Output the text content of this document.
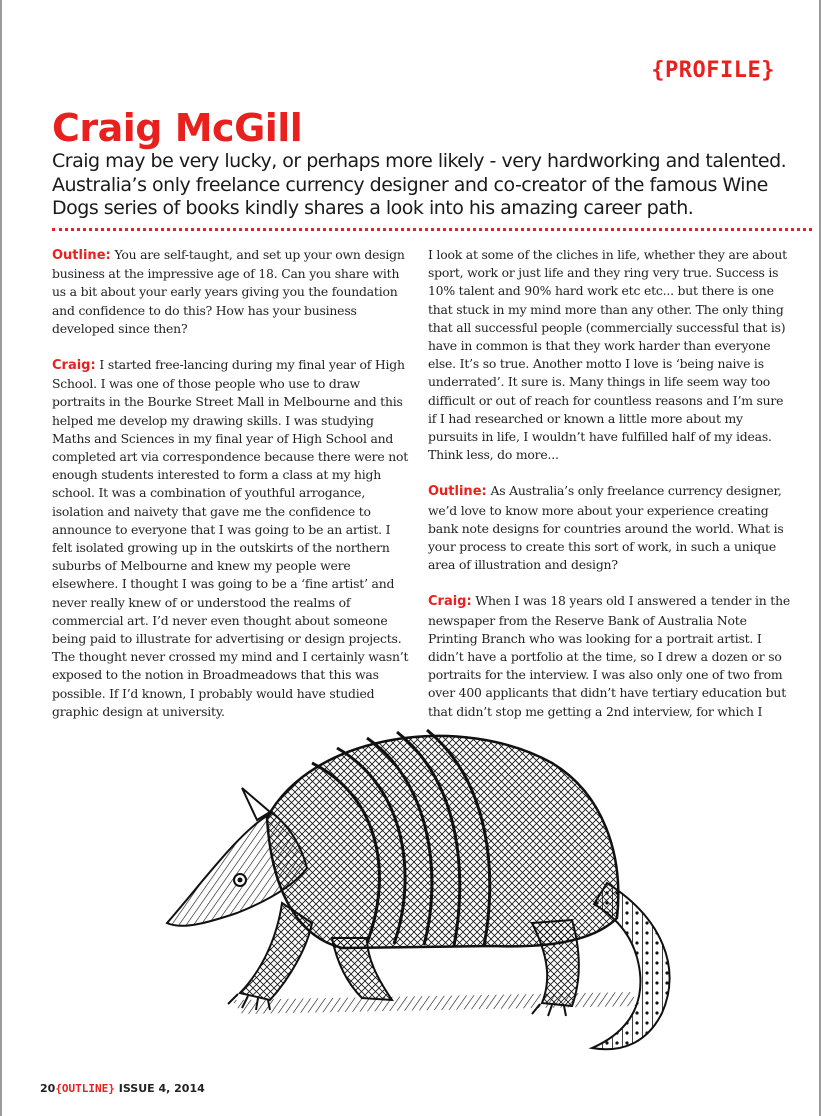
{PROFILE}
Craig McGill

Craig may be very lucky, or perhaps more likely - very hardworking and talented. Australia’s only freelance currency designer and co-creator of the famous Wine Dogs series of books kindly shares a look into his amazing career path.

Outline: You are self-taught, and set up your own design business at the impressive age of 18. Can you share with us a bit about your early years giving you the foundation and confidence to do this? How has your business developed since then?

Craig: I started free-lancing during my final year of High School. I was one of those people who use to draw portraits in the Bourke Street Mall in Melbourne and this helped me develop my drawing skills. I was studying Maths and Sciences in my final year of High School and completed art via correspondence because there were not enough students interested to form a class at my high school. It was a combination of youthful arrogance, isolation and naivety that gave me the confidence to announce to everyone that I was going to be an artist. I felt isolated growing up in the outskirts of the northern suburbs of Melbourne and knew my people were elsewhere. I thought I was going to be a ‘fine artist’ and never really knew of or understood the realms of commercial art. I’d never even thought about someone being paid to illustrate for advertising or design projects. The thought never crossed my mind and I certainly wasn’t exposed to the notion in Broadmeadows that this was possible. If I’d known, I probably would have studied graphic design at university.

I look at some of the cliches in life, whether they are about sport, work or just life and they ring very true. Success is 10% talent and 90% hard work etc etc... but there is one that stuck in my mind more than any other. The only thing that all successful people (commercially successful that is) have in common is that they work harder than everyone else. It’s so true. Another motto I love is ‘being naive is underrated’. It sure is. Many things in life seem way too difficult or out of reach for countless reasons and I’m sure if I had researched or known a little more about my pursuits in life, I wouldn’t have fulfilled half of my ideas. Think less, do more...

Outline: As Australia’s only freelance currency designer, we’d love to know more about your experience creating bank note designs for countries around the world. What is your process to create this sort of work, in such a unique area of illustration and design?

Craig: When I was 18 years old I answered a tender in the newspaper from the Reserve Bank of Australia Note Printing Branch who was looking for a portrait artist. I didn’t have a portfolio at the time, so I drew a dozen or so portraits for the interview. I was also only one of two from over 400 applicants that didn’t have tertiary education but that didn’t stop me getting a 2nd interview, for which I

20{OUTLINE} ISSUE 4, 2014
